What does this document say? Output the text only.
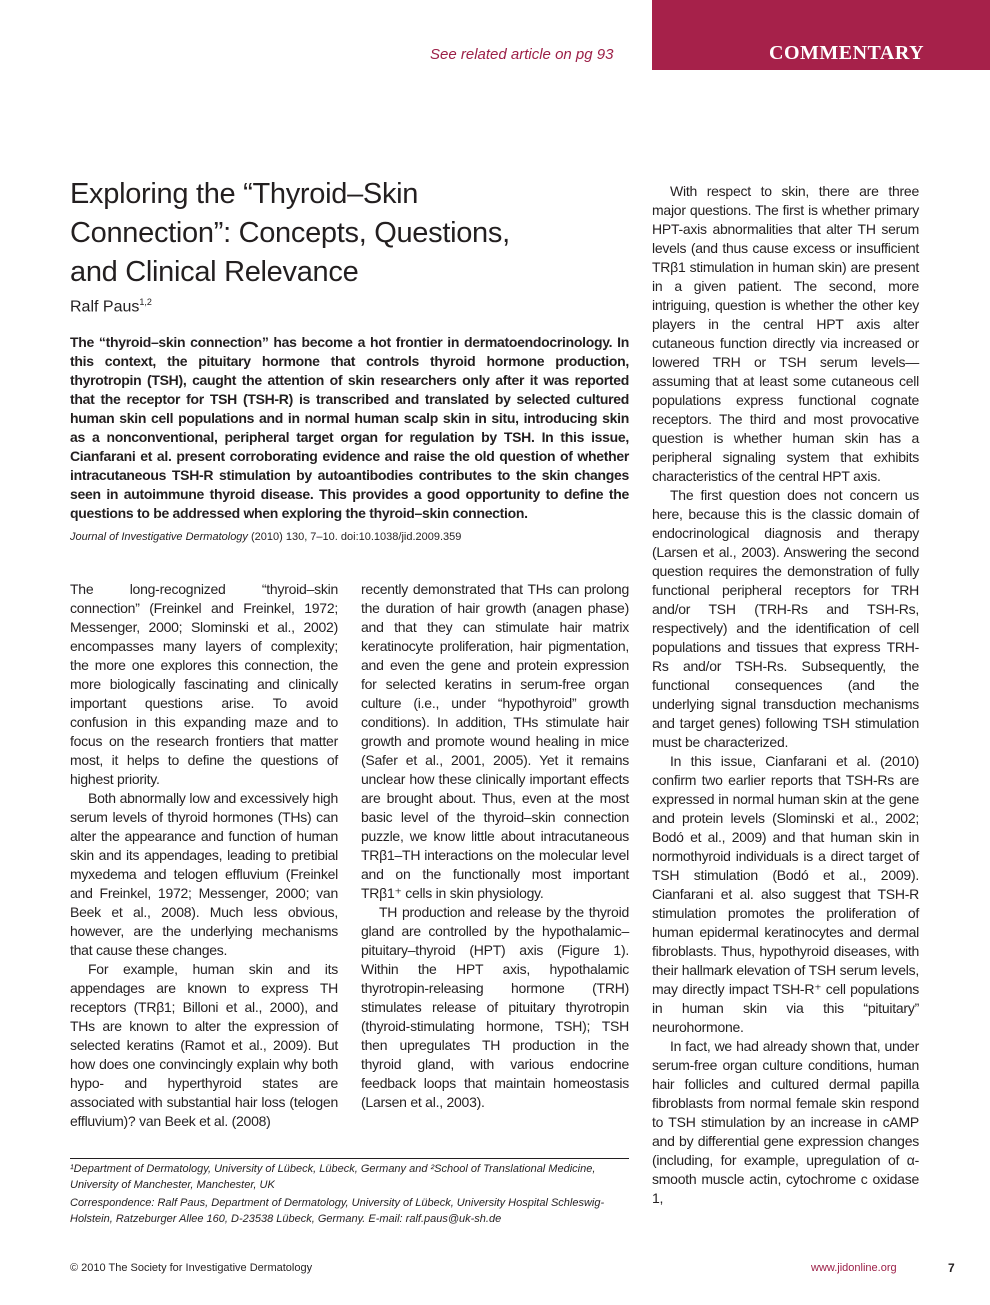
See related article on pg 93	COMMENTARY
Exploring the “Thyroid–Skin
Connection”: Concepts, Questions,
and Clinical Relevance
Ralf Paus$^{1,2}$
The “thyroid–skin connection” has become a hot frontier in dermatoendocrinology. In this context, the pituitary hormone that controls thyroid hormone production, thyrotropin (TSH), caught the attention of skin researchers only after it was reported that the receptor for TSH (TSH-R) is transcribed and translated by selected cultured human skin cell populations and in normal human scalp skin in situ, introducing skin as a nonconventional, peripheral target organ for regulation by TSH. In this issue, Cianfarani et al. present corroborating evidence and raise the old question of whether intracutaneous TSH-R stimulation by autoantibodies contributes to the skin changes seen in autoimmune thyroid disease. This provides a good opportunity to define the questions to be addressed when exploring the thyroid–skin connection.
Journal of Investigative Dermatology (2010) 130, 7–10. doi:10.1038/jid.2009.359

The long-recognized “thyroid–skin connection” (Freinkel and Freinkel, 1972; Messenger, 2000; Slominski et al., 2002) encompasses many layers of complexity; the more one explores this connection, the more biologically fascinating and clinically important questions arise. To avoid confusion in this expanding maze and to focus on the research frontiers that matter most, it helps to define the questions of highest priority.

Both abnormally low and excessively high serum levels of thyroid hormones (THs) can alter the appearance and function of human skin and its appendages, leading to pretibial myxedema and telogen effluvium (Freinkel and Freinkel, 1972; Messenger, 2000; van Beek et al., 2008). Much less obvious, however, are the underlying mechanisms that cause these changes.

For example, human skin and its appendages are known to express TH receptors (TRβ1; Billoni et al., 2000), and THs are known to alter the expression of selected keratins (Ramot et al., 2009). But how does one convincingly explain why both hypo- and hyperthyroid states are associated with substantial hair loss (telogen effluvium)? van Beek et al. (2008)

recently demonstrated that THs can prolong the duration of hair growth (anagen phase) and that they can stimulate hair matrix keratinocyte proliferation, hair pigmentation, and even the gene and protein expression for selected keratins in serum-free organ culture (i.e., under “hypothyroid” growth conditions). In addition, THs stimulate hair growth and promote wound healing in mice (Safer et al., 2001, 2005). Yet it remains unclear how these clinically important effects are brought about. Thus, even at the most basic level of the thyroid–skin connection puzzle, we know little about intracutaneous TRβ1–TH interactions on the molecular level and on the functionally most important TRβ1⁺ cells in skin physiology.

TH production and release by the thyroid gland are controlled by the hypothalamic–pituitary–thyroid (HPT) axis (Figure 1). Within the HPT axis, hypothalamic thyrotropin-releasing hormone (TRH) stimulates release of pituitary thyrotropin (thyroid-stimulating hormone, TSH); TSH then upregulates TH production in the thyroid gland, with various endocrine feedback loops that maintain homeostasis (Larsen et al., 2003).

With respect to skin, there are three major questions. The first is whether primary HPT-axis abnormalities that alter TH serum levels (and thus cause excess or insufficient TRβ1 stimulation in human skin) are present in a given patient. The second, more intriguing, question is whether the other key players in the central HPT axis alter cutaneous function directly via increased or lowered TRH or TSH serum levels—assuming that at least some cutaneous cell populations express functional cognate receptors. The third and most provocative question is whether human skin has a peripheral signaling system that exhibits characteristics of the central HPT axis.

The first question does not concern us here, because this is the classic domain of endocrinological diagnosis and therapy (Larsen et al., 2003). Answering the second question requires the demonstration of fully functional peripheral receptors for TRH and/or TSH (TRH-Rs and TSH-Rs, respectively) and the identification of cell populations and tissues that express TRH-Rs and/or TSH-Rs. Subsequently, the functional consequences (and the underlying signal transduction mechanisms and target genes) following TSH stimulation must be characterized.

In this issue, Cianfarani et al. (2010) confirm two earlier reports that TSH-Rs are expressed in normal human skin at the gene and protein levels (Slominski et al., 2002; Bodó et al., 2009) and that human skin in normothyroid individuals is a direct target of TSH stimulation (Bodó et al., 2009). Cianfarani et al. also suggest that TSH-R stimulation promotes the proliferation of human epidermal keratinocytes and dermal fibroblasts. Thus, hypothyroid diseases, with their hallmark elevation of TSH serum levels, may directly impact TSH-R⁺ cell populations in human skin via this “pituitary” neurohormone.

In fact, we had already shown that, under serum-free organ culture conditions, human hair follicles and cultured dermal papilla fibroblasts from normal female skin respond to TSH stimulation by an increase in cAMP and by differential gene expression changes (including, for example, upregulation of α-smooth muscle actin, cytochrome c oxidase 1,

¹Department of Dermatology, University of Lübeck, Lübeck, Germany and ²School of Translational Medicine, University of Manchester, Manchester, UK
Correspondence: Ralf Paus, Department of Dermatology, University of Lübeck, University Hospital Schleswig-Holstein, Ratzeburger Allee 160, D-23538 Lübeck, Germany. E-mail: ralf.paus@uk-sh.de
© 2010 The Society for Investigative Dermatology	www.jidonline.org	7
